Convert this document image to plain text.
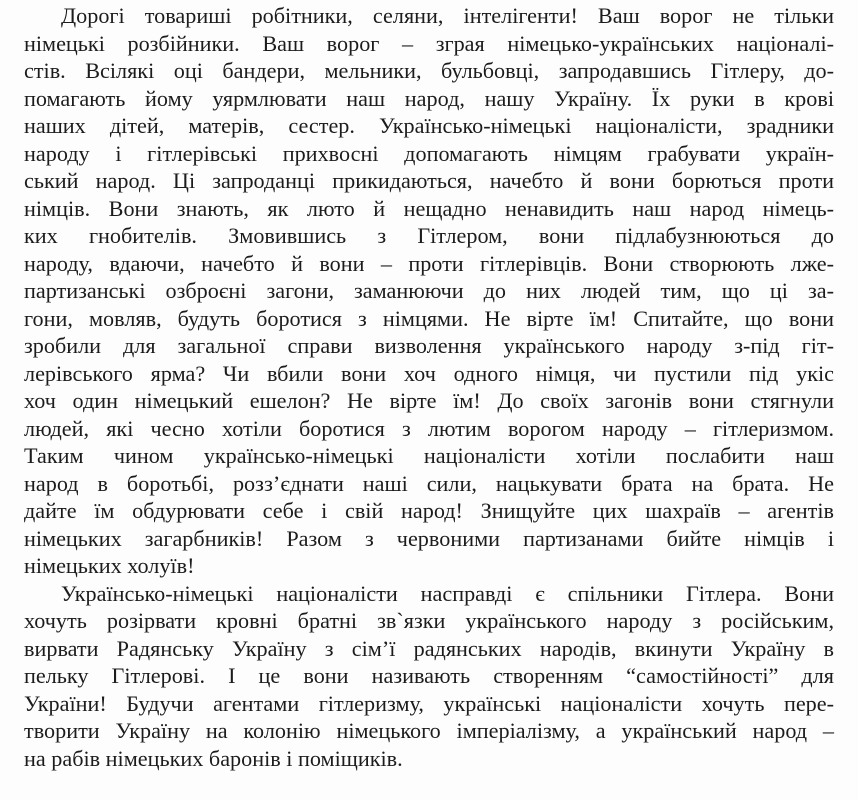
Дорогі товариші робітники, селяни, інтелігенти! Ваш ворог не тільки
німецькі розбійники. Ваш ворог – зграя німецько-українських націоналі-
стів. Всілякі оці бандери, мельники, бульбовці, запродавшись Гітлеру, до-
помагають йому уярмлювати наш народ, нашу Україну. Їх руки в крові
наших дітей, матерів, сестер. Українсько-німецькі націоналісти, зрадники
народу і гітлерівські прихвосні допомагають німцям грабувати україн-
ський народ. Ці запроданці прикидаються, начебто й вони борються проти
німців. Вони знають, як люто й нещадно ненавидить наш народ німець-
ких гнобителів. Змовившись з Гітлером, вони підлабузнюються до
народу, вдаючи, начебто й вони – проти гітлерівців. Вони створюють лже-
партизанські озброєні загони, заманюючи до них людей тим, що ці за-
гони, мовляв, будуть боротися з німцями. Не вірте їм! Спитайте, що вони
зробили для загальної справи визволення українського народу з-під гіт-
лерівського ярма? Чи вбили вони хоч одного німця, чи пустили під укіс
хоч один німецький ешелон? Не вірте їм! До своїх загонів вони стягнули
людей, які чесно хотіли боротися з лютим ворогом народу – гітлеризмом.
Таким чином українсько-німецькі націоналісти хотіли послабити наш
народ в боротьбі, розз’єднати наші сили, нацькувати брата на брата. Не
дайте їм обдурювати себе і свій народ! Знищуйте цих шахраїв – агентів
німецьких загарбників! Разом з червоними партизанами бийте німців і
німецьких холуїв!

Українсько-німецькі націоналісти насправді є спільники Гітлера. Вони
хочуть розірвати кровні братні зв`язки українського народу з російським,
вирвати Радянську Україну з сім’ї радянських народів, вкинути Україну в
пельку Гітлерові. І це вони називають створенням “самостійності” для
України! Будучи агентами гітлеризму, українські націоналісти хочуть пере-
творити Україну на колонію німецького імперіалізму, а український народ –
на рабів німецьких баронів і поміщиків.
